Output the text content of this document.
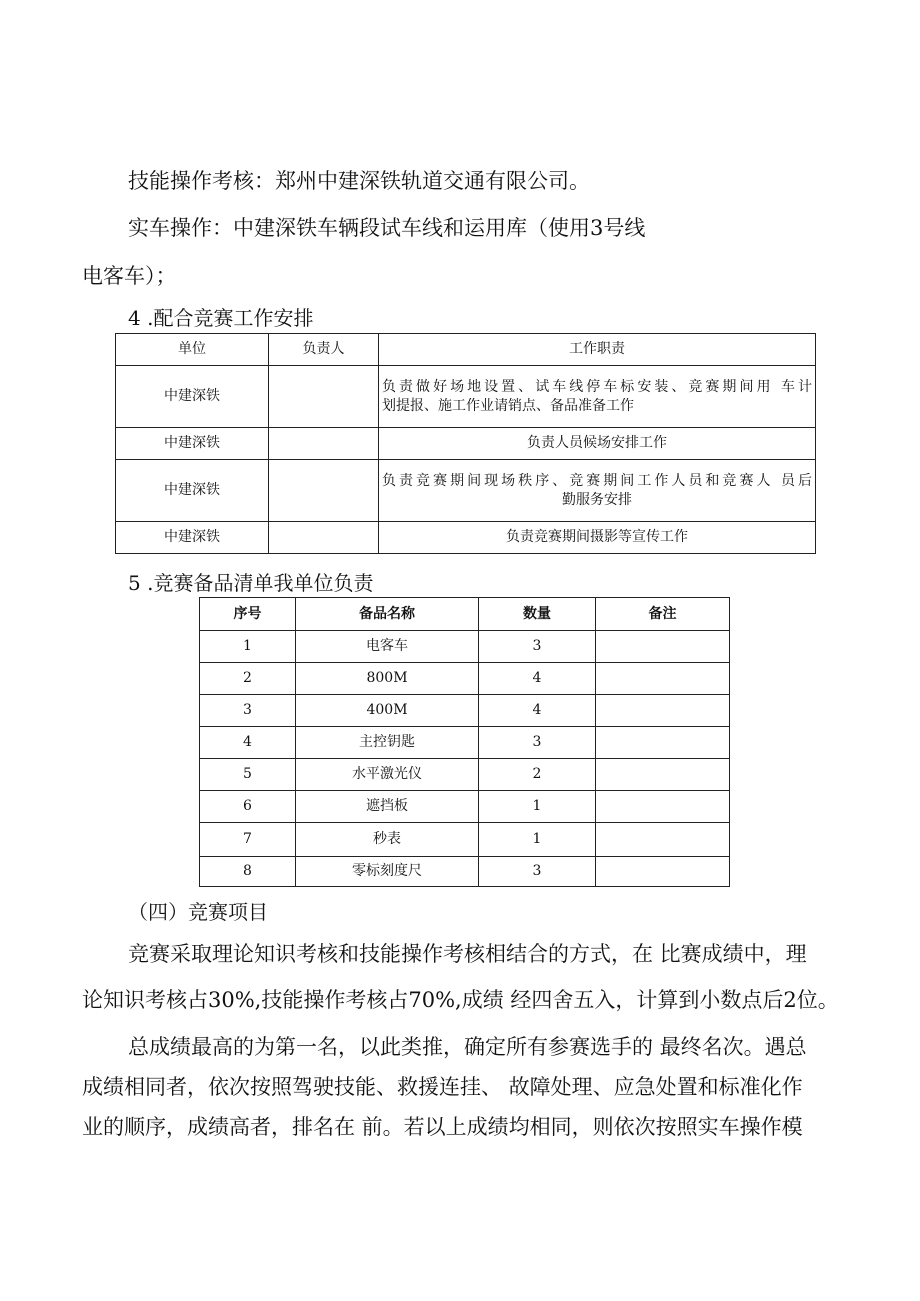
技能操作考核：郑州中建深铁轨道交通有限公司。
实车操作：中建深铁车辆段试车线和运用库（使用3号线
电客车）；
4 .配合竞赛工作安排
单位	负责人	工作职责
中建深铁		负责做好场地设置、试车线停车标安装、竞赛期间用 车计
划提报、施工作业请销点、备品准备工作

中建深铁		负责人员候场安排工作
中建深铁		负责竞赛期间现场秩序、竞赛期间工作人员和竞赛人 员后
勤服务安排

中建深铁		负责竞赛期间摄影等宣传工作
5 .竞赛备品清单我单位负责
序号	备品名称	数量	备注
1	电客车	3	
2	800M	4	
3	400M	4	
4	主控钥匙	3	
5	水平激光仪	2	
6	遮挡板	1	
7	秒表	1	
8	零标刻度尺	3	
（四）竞赛项目
竞赛采取理论知识考核和技能操作考核相结合的方式，在 比赛成绩中，理
论知识考核占30%,技能操作考核占70%,成绩 经四舍五入，计算到小数点后2位。
总成绩最高的为第一名，以此类推，确定所有参赛选手的 最终名次。遇总
成绩相同者，依次按照驾驶技能、救援连挂、 故障处理、应急处置和标准化作
业的顺序，成绩高者，排名在 前。若以上成绩均相同，则依次按照实车操作模
